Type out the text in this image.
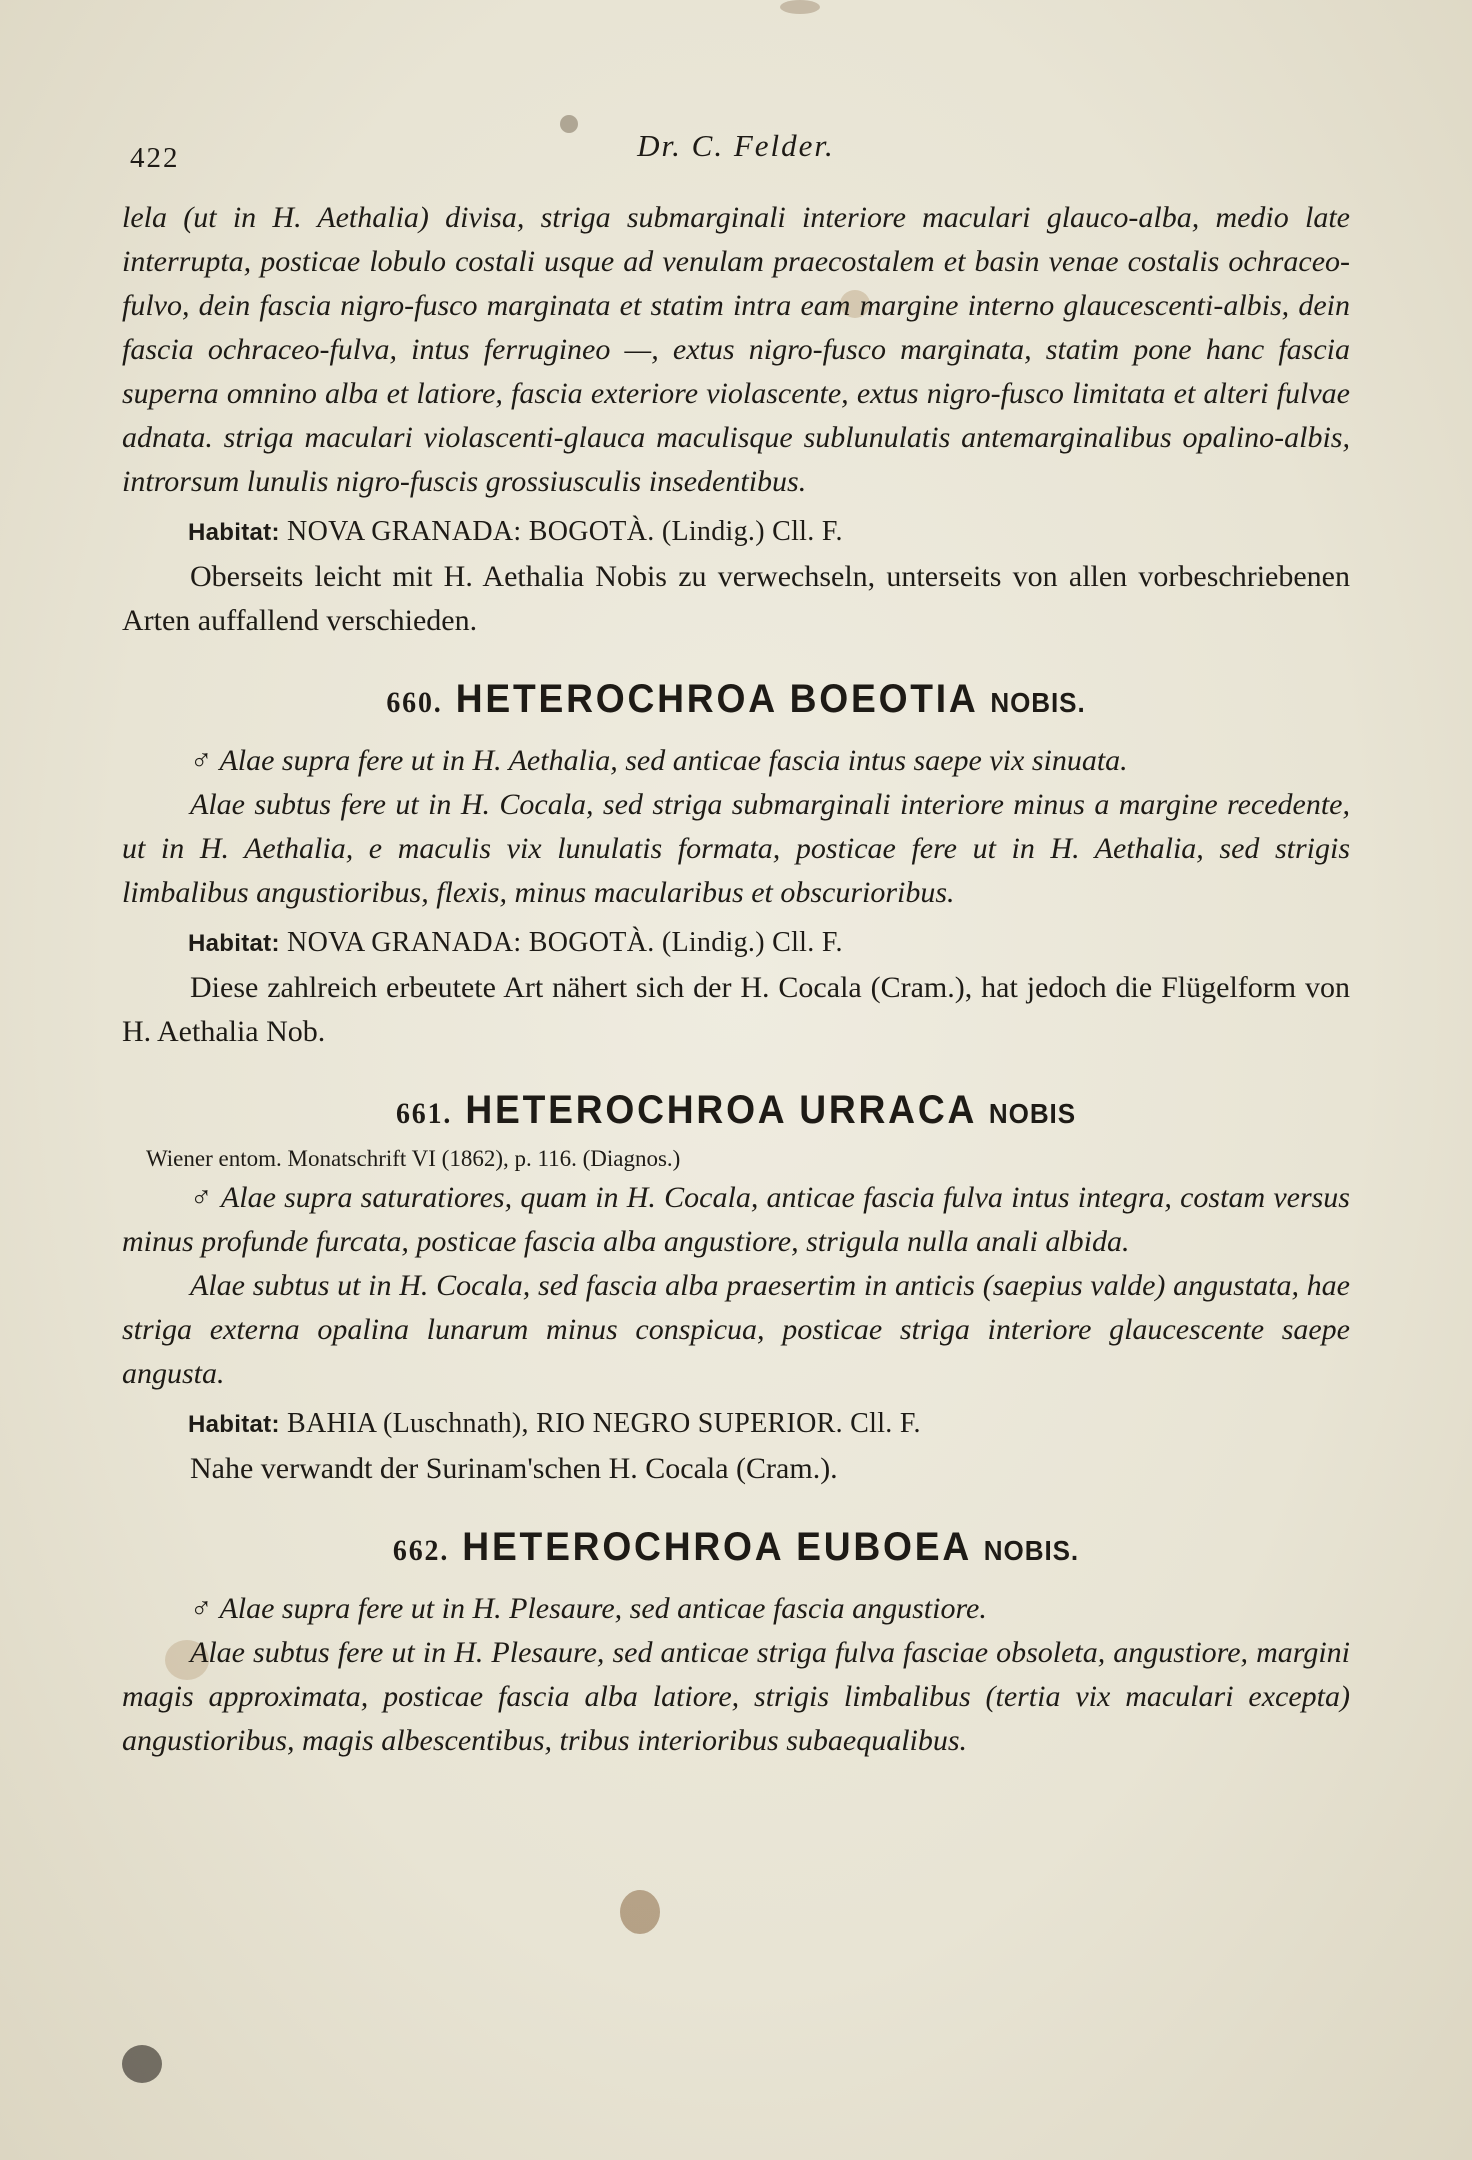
422	Dr. C. Felder.

lela (ut in H. Aethalia) divisa, striga submarginali interiore maculari glauco-alba, medio late interrupta, posticae lobulo costali usque ad venulam praecostalem et basin venae costalis ochraceo-fulvo, dein fascia nigro-fusco marginata et statim intra eam margine interno glaucescenti-albis, dein fascia ochraceo-fulva, intus ferrugineo —, extus nigro-fusco marginata, statim pone hanc fascia superna omnino alba et latiore, fascia exteriore violascente, extus nigro-fusco limitata et alteri fulvae adnata. striga maculari violascenti-glauca maculisque sublunulatis antemarginalibus opalino-albis, introrsum lunulis nigro-fuscis grossiusculis insedentibus.

Habitat: NOVA GRANADA: BOGOTÀ. (Lindig.) Cll. F.

Oberseits leicht mit H. Aethalia Nobis zu verwechseln, unterseits von allen vorbeschriebenen Arten auffallend verschieden.

660. HETEROCHROA BOEOTIA NOBIS.

♂ Alae supra fere ut in H. Aethalia, sed anticae fascia intus saepe vix sinuata.

Alae subtus fere ut in H. Cocala, sed striga submarginali interiore minus a margine recedente, ut in H. Aethalia, e maculis vix lunulatis formata, posticae fere ut in H. Aethalia, sed strigis limbalibus angustioribus, flexis, minus macularibus et obscurioribus.

Habitat: NOVA GRANADA: BOGOTÀ. (Lindig.) Cll. F.

Diese zahlreich erbeutete Art nähert sich der H. Cocala (Cram.), hat jedoch die Flügelform von H. Aethalia Nob.

661. HETEROCHROA URRACA NOBIS

Wiener entom. Monatschrift VI (1862), p. 116. (Diagnos.)

♂ Alae supra saturatiores, quam in H. Cocala, anticae fascia fulva intus integra, costam versus minus profunde furcata, posticae fascia alba angustiore, strigula nulla anali albida.

Alae subtus ut in H. Cocala, sed fascia alba praesertim in anticis (saepius valde) angustata, hae striga externa opalina lunarum minus conspicua, posticae striga interiore glaucescente saepe angusta.

Habitat: BAHIA (Luschnath), RIO NEGRO SUPERIOR. Cll. F.

Nahe verwandt der Surinam'schen H. Cocala (Cram.).

662. HETEROCHROA EUBOEA NOBIS.

♂ Alae supra fere ut in H. Plesaure, sed anticae fascia angustiore.

Alae subtus fere ut in H. Plesaure, sed anticae striga fulva fasciae obsoleta, angustiore, margini magis approximata, posticae fascia alba latiore, strigis limbalibus (tertia vix maculari excepta) angustioribus, magis albescentibus, tribus interioribus subaequalibus.
